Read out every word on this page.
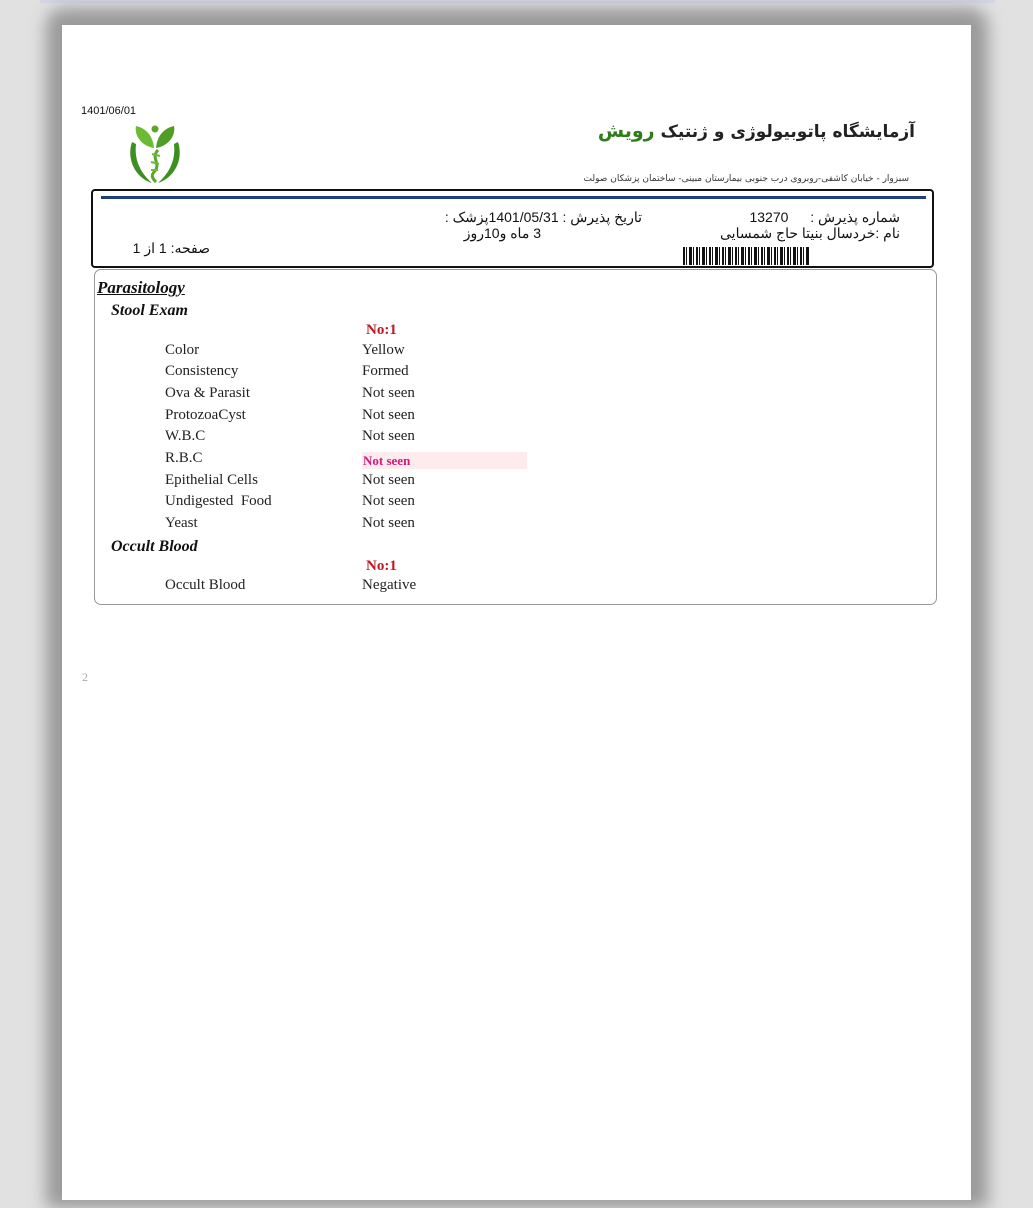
1401/06/01
آزمایشگاه پاتوبیولوژی و ژنتیک رویش
سبزوار - خیابان کاشفی-روبروی درب جنوبی بیمارستان مبینی- ساختمان پزشکان صولت
شماره پذیرش :  13270
نام :خردسال بنیتا حاج شمسایی
تاریخ پذیرش : 1401/05/31پزشک :
3 ماه و10روز
صفحه: 1 از 1
Parasitology
Stool Exam
No:1
Color	Yellow
Consistency	Formed
Ova & Parasit	Not seen
ProtozoaCyst	Not seen
W.B.C	Not seen
R.B.C	Not seen
Epithelial Cells	Not seen
Undigested  Food	Not seen
Yeast	Not seen
Occult Blood
No:1
Occult Blood	Negative
2
